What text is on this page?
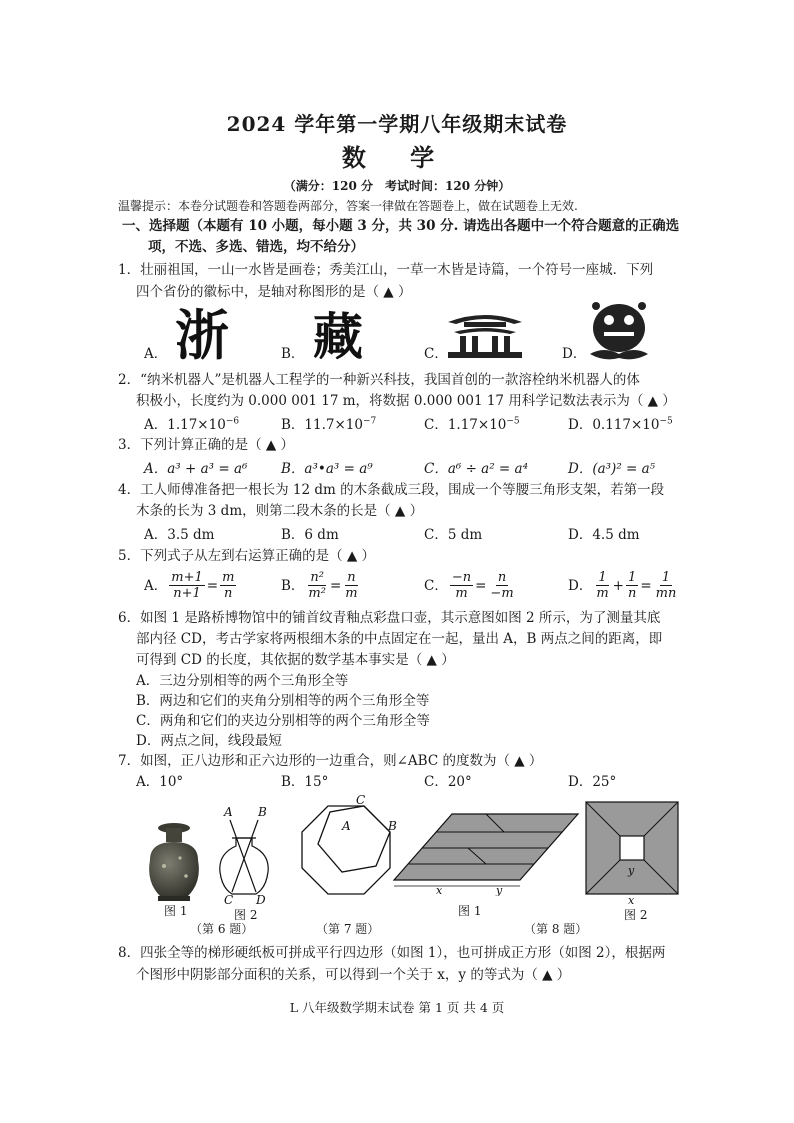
2024 学年第一学期八年级期末试卷
数 学
（满分：120 分　考试时间：120 分钟）
温馨提示：本卷分试题卷和答题卷两部分，答案一律做在答题卷上，做在试题卷上无效.
一、选择题（本题有 10 小题，每小题 3 分，共 30 分. 请选出各题中一个符合题意的正确选
项，不选、多选、错选，均不给分）
1．壮丽祖国，一山一水皆是画卷；秀美江山，一草一木皆是诗篇，一个符号一座城．下列
四个省份的徽标中，是轴对称图形的是（ ▲ ）
A． 浙	B． 藏	C．	D．
2．“纳米机器人”是机器人工程学的一种新兴科技，我国首创的一款溶栓纳米机器人的体
积极小，长度约为 0.000 001 17 m，将数据 0.000 001 17 用科学记数法表示为（ ▲ ）
A．$1.17\times 10^{-6}$	B．$11.7\times 10^{-7}$	C．$1.17\times 10^{-5}$	D．$0.117\times 10^{-5}$
3．下列计算正确的是（ ▲ ）
A．a³ + a³ = a⁶ B．a³•a³ = a⁹	C．a⁶ ÷ a² = a⁴	D．(a³)² = a⁵
4．工人师傅准备把一根长为 12 dm 的木条截成三段，围成一个等腰三角形支架，若第一段
木条的长为 3 dm，则第二段木条的长是（ ▲ ）
A．3.5 dm	B．6 dm	C．5 dm	D．4.5 dm
5．下列式子从左到右运算正确的是（ ▲ ）
A． $\frac{m+1}{n+1} = \frac{m}{n}$	B． $\frac{\text{n²}}{\text{m²}} = \frac{n}{m}$	C． $\frac{-n}{m} = \frac{n}{-m}$	D． $\frac{1}{m} + \frac{1}{n} = \frac{1}{mn}$
6．如图 1 是路桥博物馆中的铺首纹青釉点彩盘口壶，其示意图如图 2 所示，为了测量其底
部内径 CD，考古学家将两根细木条的中点固定在一起，量出 A，B 两点之间的距离，即
可得到 CD 的长度，其依据的数学基本事实是（ ▲ ）
A．三边分别相等的两个三角形全等
B．两边和它们的夹角分别相等的两个三角形全等
C．两角和它们的夹边分别相等的两个三角形全等
D．两点之间，线段最短
7．如图，正八边形和正六边形的一边重合，则∠ABC 的度数为（ ▲ ）
A．10°	B．15°	C．20°	D．25°
图 1
A B
C D
图 2
（第 6 题）
C
A	B
（第 7 题）
x	y
图 1
（第 8 题）
y
x
图 2
8．四张全等的梯形硬纸板可拼成平行四边形（如图 1），也可拼成正方形（如图 2），根据两
个图形中阴影部分面积的关系，可以得到一个关于 x，y 的等式为（ ▲ ）
L 八年级数学期末试卷 第 1 页 共 4 页
